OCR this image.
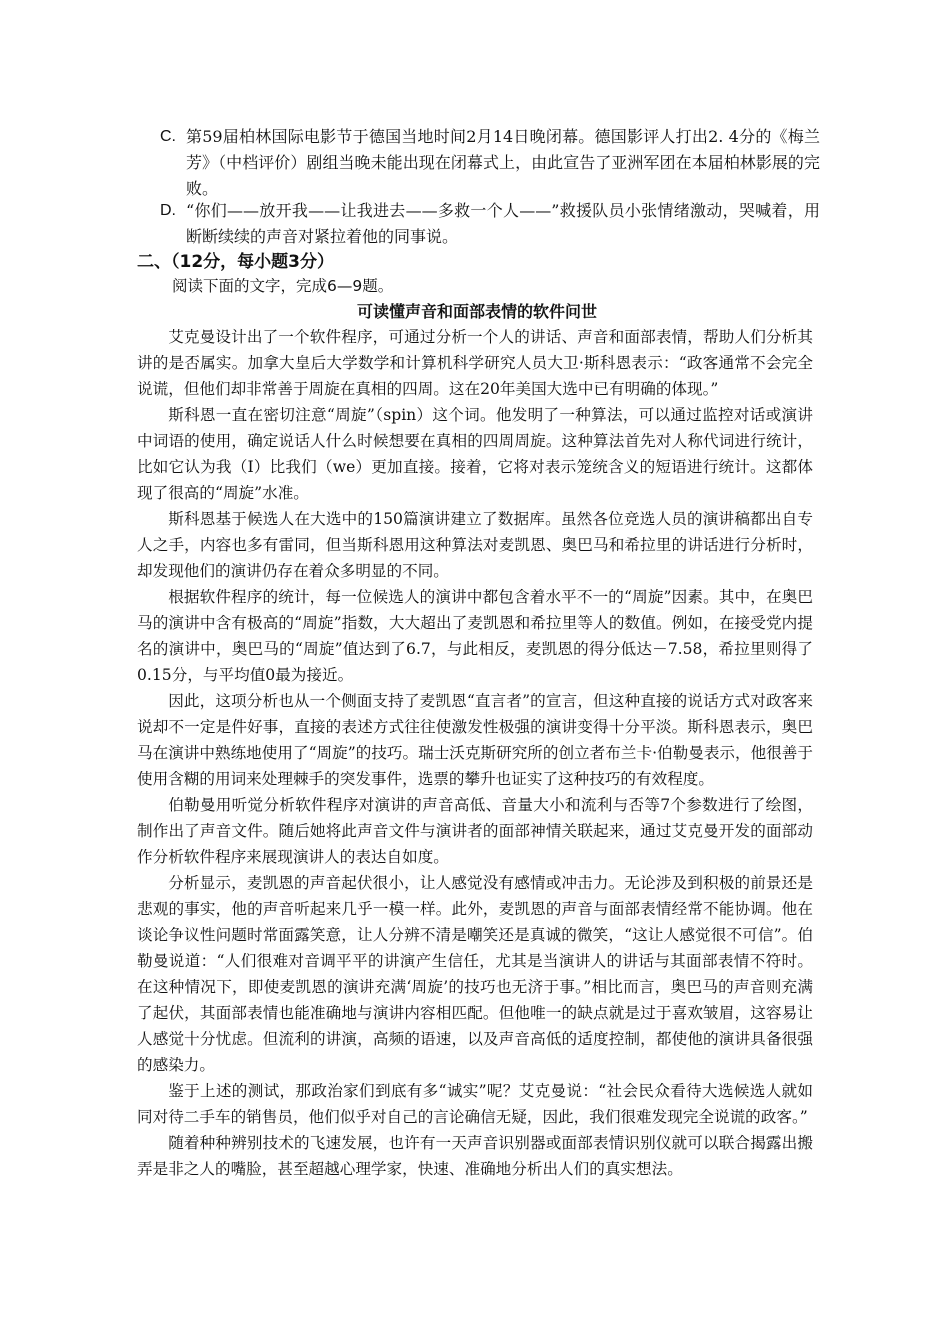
C. 第59届柏林国际电影节于德国当地时间2月14日晚闭幕。德国影评人打出2. 4分的《梅兰芳》（中档评价）剧组当晚未能出现在闭幕式上，由此宣告了亚洲军团在本届柏林影展的完败。
D. “你们——放开我——让我进去——多救一个人——”救援队员小张情绪激动，哭喊着，用断断续续的声音对紧拉着他的同事说。
二、（12分，每小题3分）
阅读下面的文字，完成6—9题。
可读懂声音和面部表情的软件问世

艾克曼设计出了一个软件程序，可通过分析一个人的讲话、声音和面部表情，帮助人们分析其讲的是否属实。加拿大皇后大学数学和计算机科学研究人员大卫·斯科恩表示：“政客通常不会完全说谎，但他们却非常善于周旋在真相的四周。这在20年美国大选中已有明确的体现。”

斯科恩一直在密切注意“周旋”（spin）这个词。他发明了一种算法，可以通过监控对话或演讲中词语的使用，确定说话人什么时候想要在真相的四周周旋。这种算法首先对人称代词进行统计，比如它认为我（I）比我们（we）更加直接。接着，它将对表示笼统含义的短语进行统计。这都体现了很高的“周旋”水准。

斯科恩基于候选人在大选中的150篇演讲建立了数据库。虽然各位竞选人员的演讲稿都出自专人之手，内容也多有雷同，但当斯科恩用这种算法对麦凯恩、奥巴马和希拉里的讲话进行分析时，却发现他们的演讲仍存在着众多明显的不同。

根据软件程序的统计，每一位候选人的演讲中都包含着水平不一的“周旋”因素。其中，在奥巴马的演讲中含有极高的“周旋”指数，大大超出了麦凯恩和希拉里等人的数值。例如，在接受党内提名的演讲中，奥巴马的“周旋”值达到了6.7，与此相反，麦凯恩的得分低达－7.58，希拉里则得了0.15分，与平均值0最为接近。

因此，这项分析也从一个侧面支持了麦凯恩“直言者”的宣言，但这种直接的说话方式对政客来说却不一定是件好事，直接的表述方式往往使激发性极强的演讲变得十分平淡。斯科恩表示，奥巴马在演讲中熟练地使用了“周旋”的技巧。瑞士沃克斯研究所的创立者布兰卡·伯勒曼表示，他很善于使用含糊的用词来处理棘手的突发事件，选票的攀升也证实了这种技巧的有效程度。

伯勒曼用听觉分析软件程序对演讲的声音高低、音量大小和流利与否等7个参数进行了绘图，制作出了声音文件。随后她将此声音文件与演讲者的面部神情关联起来，通过艾克曼开发的面部动作分析软件程序来展现演讲人的表达自如度。

分析显示，麦凯恩的声音起伏很小，让人感觉没有感情或冲击力。无论涉及到积极的前景还是悲观的事实，他的声音听起来几乎一模一样。此外，麦凯恩的声音与面部表情经常不能协调。他在谈论争议性问题时常面露笑意，让人分辨不清是嘲笑还是真诚的微笑，“这让人感觉很不可信”。伯勒曼说道：“人们很难对音调平平的讲演产生信任，尤其是当演讲人的讲话与其面部表情不符时。在这种情况下，即使麦凯恩的演讲充满‘周旋’的技巧也无济于事。”相比而言，奥巴马的声音则充满了起伏，其面部表情也能准确地与演讲内容相匹配。但他唯一的缺点就是过于喜欢皱眉，这容易让人感觉十分忧虑。但流利的讲演，高频的语速，以及声音高低的适度控制，都使他的演讲具备很强的感染力。

鉴于上述的测试，那政治家们到底有多“诚实”呢？艾克曼说：“社会民众看待大选候选人就如同对待二手车的销售员，他们似乎对自己的言论确信无疑，因此，我们很难发现完全说谎的政客。”

随着种种辨别技术的飞速发展，也许有一天声音识别器或面部表情识别仪就可以联合揭露出搬弄是非之人的嘴脸，甚至超越心理学家，快速、准确地分析出人们的真实想法。
